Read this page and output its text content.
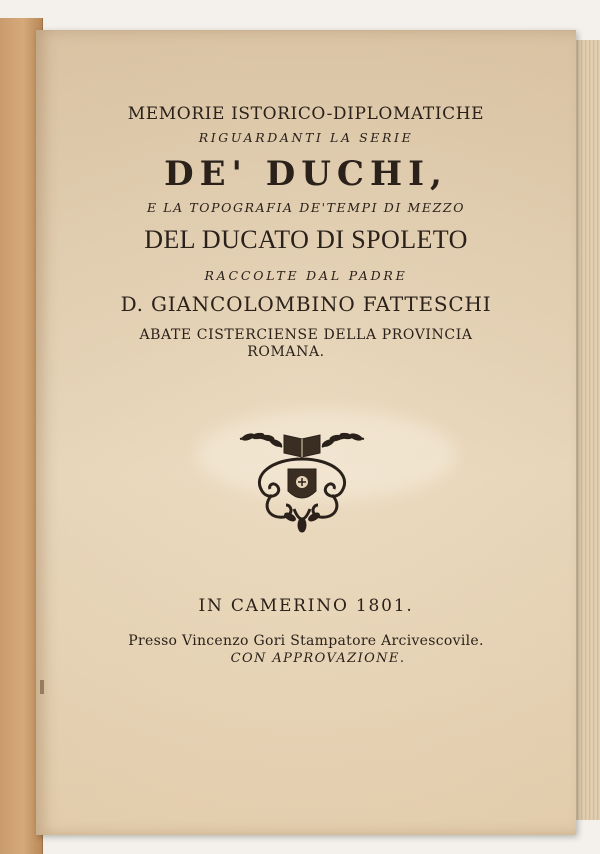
MEMORIE ISTORICO-DIPLOMATICHE
RIGUARDANTI LA SERIE
DE' DUCHI,
E LA TOPOGRAFIA DE'TEMPI DI MEZZO
DEL DUCATO DI SPOLETO
RACCOLTE DAL PADRE
D. GIANCOLOMBINO FATTESCHI
ABATE CISTERCIENSE DELLA PROVINCIA
ROMANA.
IN CAMERINO 1801.
Presso Vincenzo Gori Stampatore Arcivescovile.
CON APPROVAZIONE.
